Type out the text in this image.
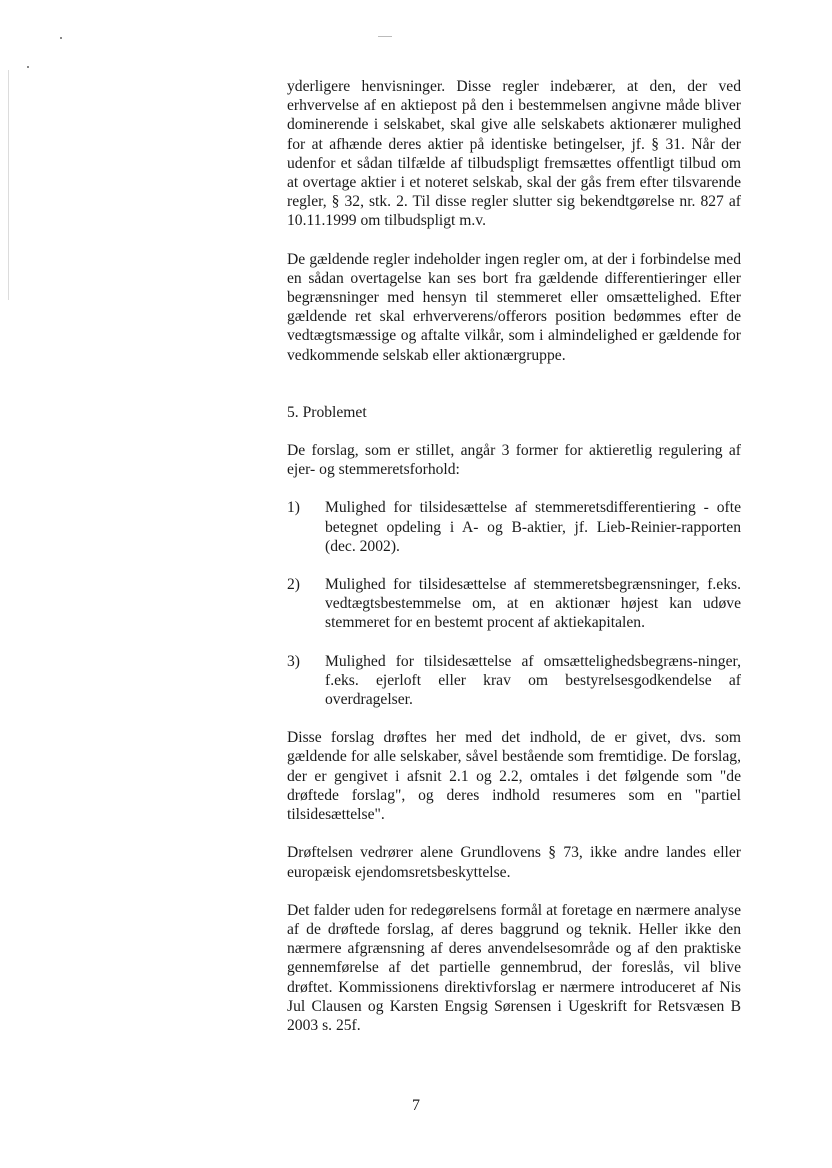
yderligere henvisninger. Disse regler indebærer, at den, der ved erhvervelse af en aktiepost på den i bestemmelsen angivne måde bliver dominerende i selskabet, skal give alle selskabets aktionærer mulighed for at afhænde deres aktier på identiske betingelser, jf. § 31. Når der udenfor et sådan tilfælde af tilbudspligt fremsættes offentligt tilbud om at overtage aktier i et noteret selskab, skal der gås frem efter tilsvarende regler, § 32, stk. 2. Til disse regler slutter sig bekendtgørelse nr. 827 af 10.11.1999 om tilbudspligt m.v.

De gældende regler indeholder ingen regler om, at der i forbindelse med en sådan overtagelse kan ses bort fra gældende differentieringer eller begrænsninger med hensyn til stemmeret eller omsættelighed. Efter gældende ret skal erhververens/offerors position bedømmes efter de vedtægtsmæssige og aftalte vilkår, som i almindelighed er gældende for vedkommende selskab eller aktionærgruppe.

5. Problemet

De forslag, som er stillet, angår 3 former for aktieretlig regulering af ejer- og stemmeretsforhold:

1)	Mulighed for tilsidesættelse af stemmeretsdifferentiering - ofte betegnet opdeling i A- og B-aktier, jf. Lieb-Reinier-rapporten (dec. 2002).
2)	Mulighed for tilsidesættelse af stemmeretsbegrænsninger, f.eks. vedtægtsbestemmelse om, at en aktionær højest kan udøve stemmeret for en bestemt procent af aktiekapitalen.
3)	Mulighed for tilsidesættelse af omsættelighedsbegræns-ninger, f.eks. ejerloft eller krav om bestyrelsesgodkendelse af overdragelser.

Disse forslag drøftes her med det indhold, de er givet, dvs. som gældende for alle selskaber, såvel bestående som fremtidige. De forslag, der er gengivet i afsnit 2.1 og 2.2, omtales i det følgende som "de drøftede forslag", og deres indhold resumeres som en "partiel tilsidesættelse".

Drøftelsen vedrører alene Grundlovens § 73, ikke andre landes eller europæisk ejendomsretsbeskyttelse.

Det falder uden for redegørelsens formål at foretage en nærmere analyse af de drøftede forslag, af deres baggrund og teknik. Heller ikke den nærmere afgrænsning af deres anvendelsesområde og af den praktiske gennemførelse af det partielle gennembrud, der foreslås, vil blive drøftet. Kommissionens direktivforslag er nærmere introduceret af Nis Jul Clausen og Karsten Engsig Sørensen i Ugeskrift for Retsvæsen B 2003 s. 25f.

7
